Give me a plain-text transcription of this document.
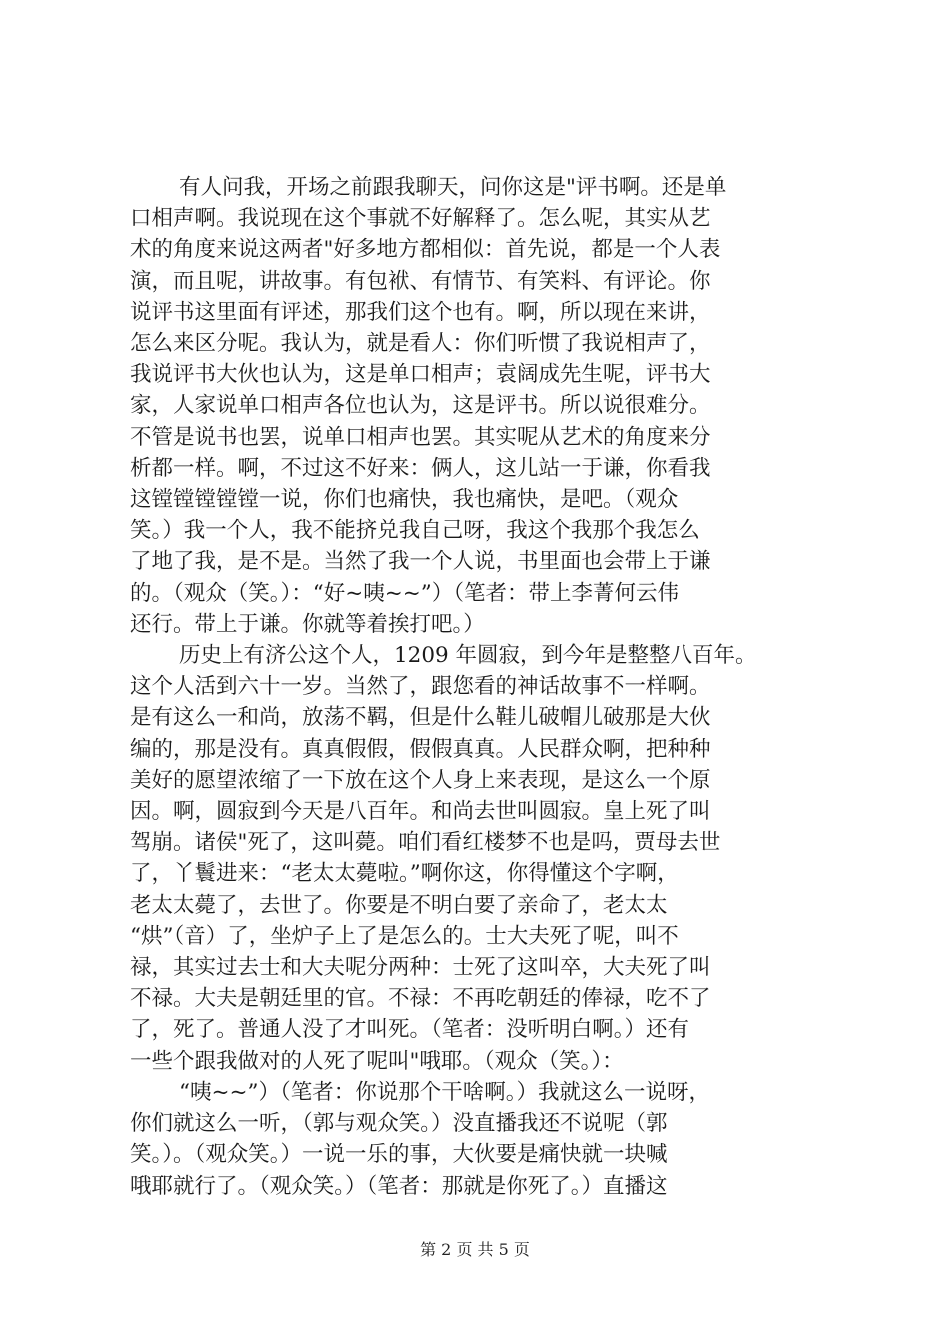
有人问我，开场之前跟我聊天，问你这是"评书啊。还是单
口相声啊。我说现在这个事就不好解释了。怎么呢，其实从艺
术的角度来说这两者"好多地方都相似：首先说，都是一个人表
演，而且呢，讲故事。有包袱、有情节、有笑料、有评论。你
说评书这里面有评述，那我们这个也有。啊，所以现在来讲，
怎么来区分呢。我认为，就是看人：你们听惯了我说相声了，
我说评书大伙也认为，这是单口相声；袁阔成先生呢，评书大
家，人家说单口相声各位也认为，这是评书。所以说很难分。
不管是说书也罢，说单口相声也罢。其实呢从艺术的角度来分
析都一样。啊，不过这不好来：俩人，这儿站一于谦，你看我
这镗镗镗镗镗一说，你们也痛快，我也痛快，是吧。（观众
笑。）我一个人，我不能挤兑我自己呀，我这个我那个我怎么
了地了我，是不是。当然了我一个人说，书里面也会带上于谦
的。（观众（笑。）：“好~咦~~”）（笔者：带上李菁何云伟
还行。带上于谦。你就等着挨打吧。）
历史上有济公这个人，1209 年圆寂，到今年是整整八百年。
这个人活到六十一岁。当然了，跟您看的神话故事不一样啊。
是有这么一和尚，放荡不羁，但是什么鞋儿破帽儿破那是大伙
编的，那是没有。真真假假，假假真真。人民群众啊，把种种
美好的愿望浓缩了一下放在这个人身上来表现，是这么一个原
因。啊，圆寂到今天是八百年。和尚去世叫圆寂。皇上死了叫
驾崩。诸侯"死了，这叫薨。咱们看红楼梦不也是吗，贾母去世
了，丫鬟进来：“老太太薨啦。”啊你这，你得懂这个字啊，
老太太薨了，去世了。你要是不明白要了亲命了，老太太
“烘”（音）了，坐炉子上了是怎么的。士大夫死了呢，叫不
禄，其实过去士和大夫呢分两种：士死了这叫卒，大夫死了叫
不禄。大夫是朝廷里的官。不禄：不再吃朝廷的俸禄，吃不了
了，死了。普通人没了才叫死。（笔者：没听明白啊。）还有
一些个跟我做对的人死了呢叫"哦耶。（观众（笑。）：
“咦~~”）（笔者：你说那个干啥啊。）我就这么一说呀，
你们就这么一听，（郭与观众笑。）没直播我还不说呢（郭
笑。）。（观众笑。）一说一乐的事，大伙要是痛快就一块喊
哦耶就行了。（观众笑。）（笔者：那就是你死了。）直播这
第 2 页 共 5 页
